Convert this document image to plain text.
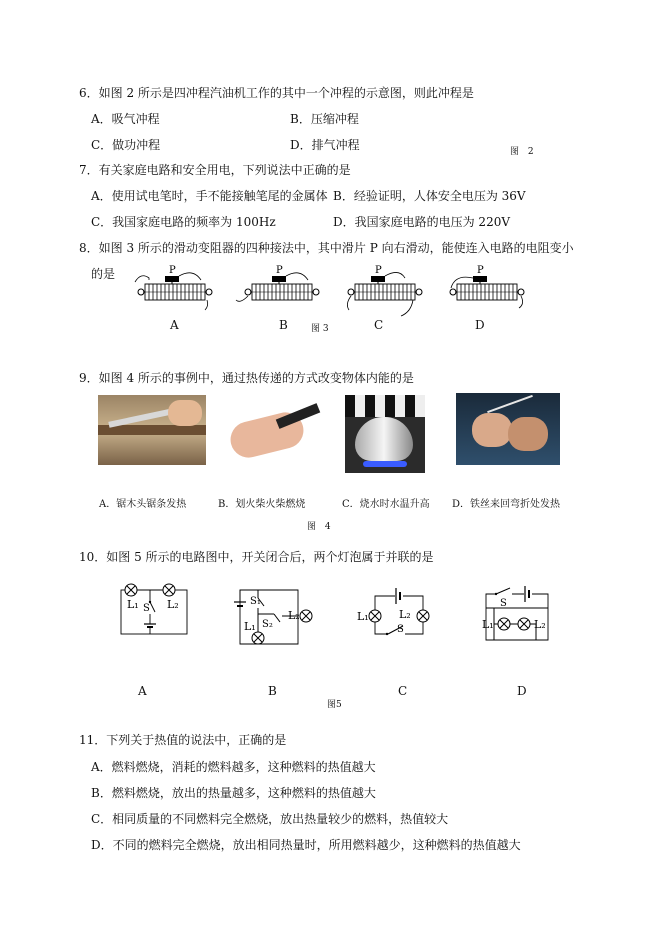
6．如图 2 所示是四冲程汽油机工作的其中一个冲程的示意图，则此冲程是
A．吸气冲程	B．压缩冲程
C．做功冲程	D．排气冲程	图 2
7．有关家庭电路和安全用电，下列说法中正确的是
A．使用试电笔时，手不能接触笔尾的金属体 B．经验证明，人体安全电压为 36V
C．我国家庭电路的频率为 100Hz	D．我国家庭电路的电压为 220V
8．如图 3 所示的滑动变阻器的四种接法中，其中滑片 P 向右滑动，能使连入电路的电阻变小
的是	P
A
P
B	图 3
P
C
P
D
9．如图 4 所示的事例中，通过热传递的方式改变物体内能的是
A．锯木头锯条发热	B．划火柴火柴燃烧	C．烧水时水温升高 D．铁丝来回弯折处发热
图 4
10．如图 5 所示的电路图中，开关闭合后，两个灯泡属于并联的是
L₁ S L₂
A
S₁
S₂
L₁
L₂
B
L₁	L₂
S
C
S
L₁	L₂
D
图5
11．下列关于热值的说法中，正确的是
A．燃料燃烧，消耗的燃料越多，这种燃料的热值越大
B．燃料燃烧，放出的热量越多，这种燃料的热值越大
C．相同质量的不同燃料完全燃烧，放出热量较少的燃料，热值较大
D．不同的燃料完全燃烧，放出相同热量时，所用燃料越少，这种燃料的热值越大
